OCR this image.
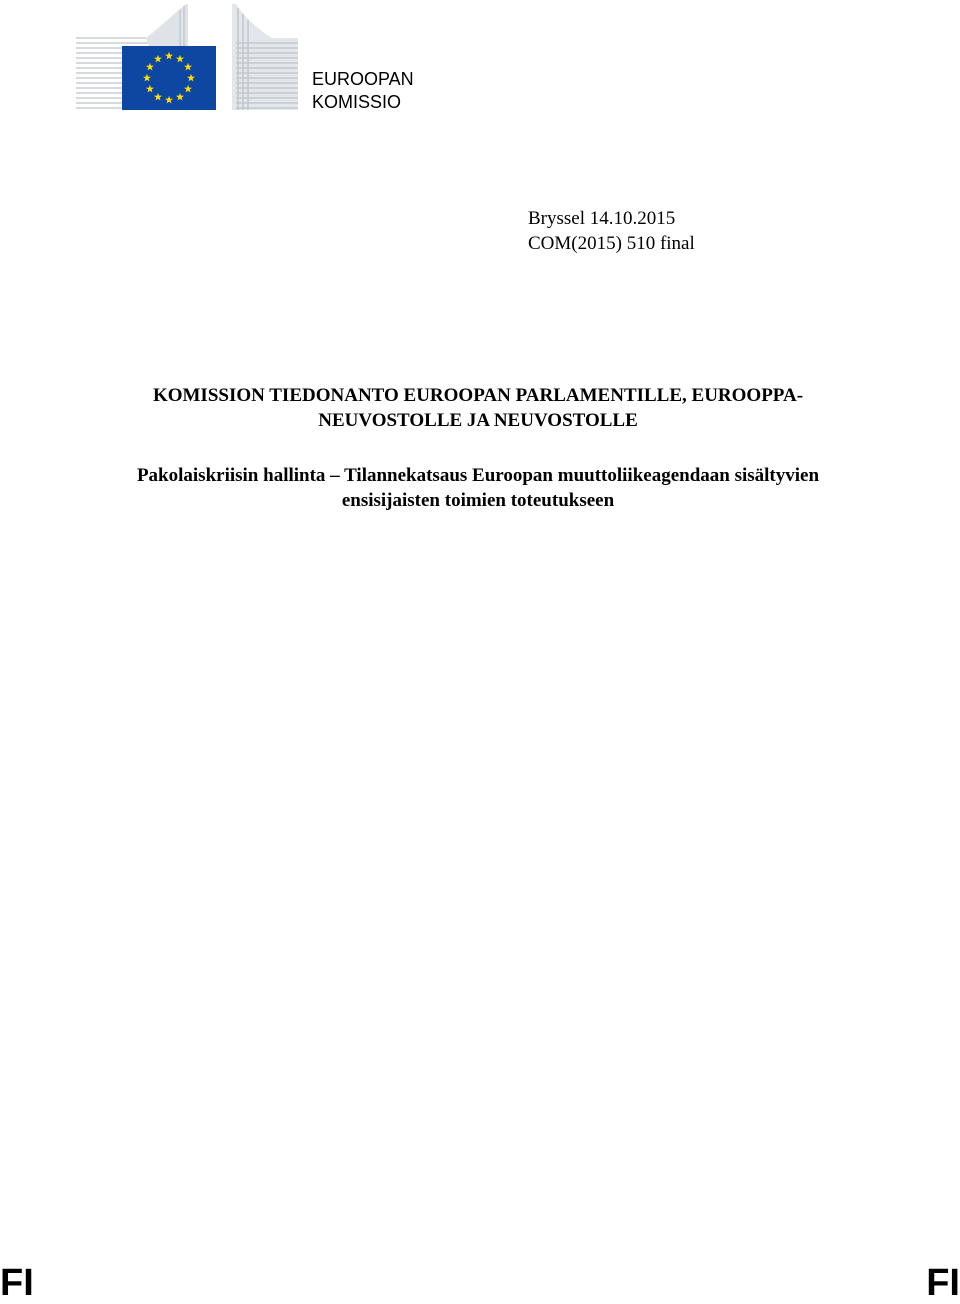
EUROOPAN
KOMISSIO
Bryssel 14.10.2015
COM(2015) 510 final
KOMISSION TIEDONANTO EUROOPAN PARLAMENTILLE, EUROOPPA-
NEUVOSTOLLE JA NEUVOSTOLLE
Pakolaiskriisin hallinta – Tilannekatsaus Euroopan muuttoliikeagendaan sisältyvien
ensisijaisten toimien toteutukseen
FI	FI
